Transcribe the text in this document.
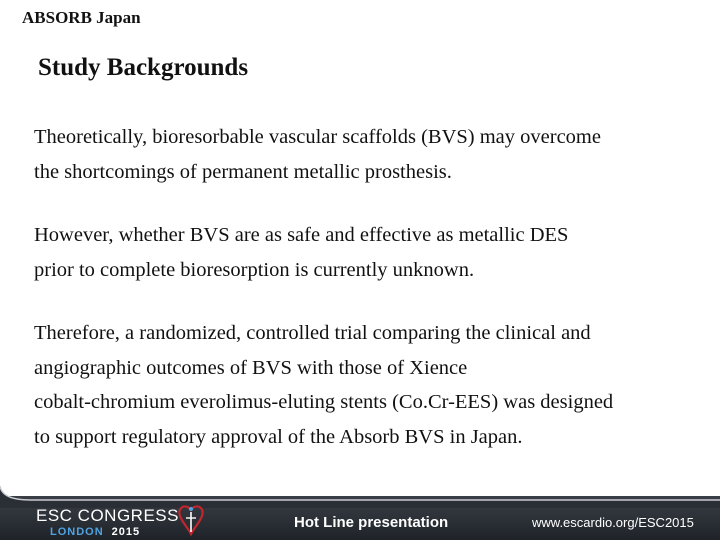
ABSORB Japan
Study Backgrounds

Theoretically, bioresorbable vascular scaffolds (BVS) may overcome
the shortcomings of permanent metallic prosthesis.

However, whether BVS are as safe and effective as metallic DES
prior to complete bioresorption is currently unknown.

Therefore, a randomized, controlled trial comparing the clinical and
angiographic outcomes of BVS with those of Xience
cobalt-chromium everolimus-eluting stents (Co.Cr-EES) was designed
to support regulatory approval of the Absorb BVS in Japan.

ESC CONGRESS
LONDON 2015
Hot Line presentation	www.escardio.org/ESC2015
